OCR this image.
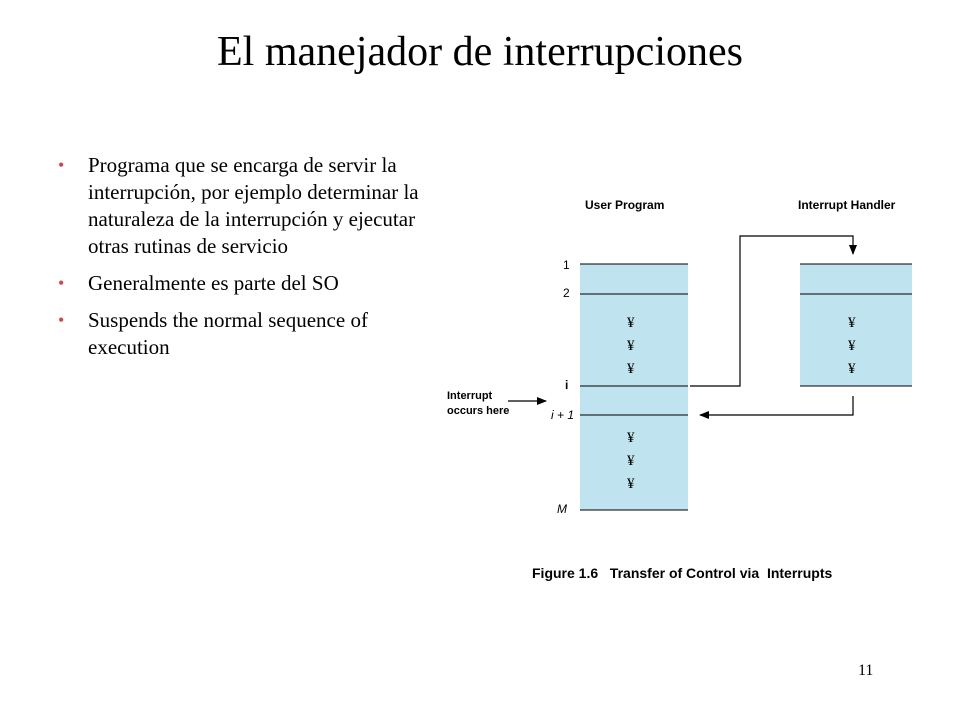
El manejador de interrupciones
• Programa que se encarga de servir la interrupción, por ejemplo determinar la naturaleza de la interrupción y ejecutar otras rutinas de servicio
• Generalmente es parte del SO
• Suspends the normal sequence of execution
User Program	Interrupt Handler
1
2
i
i + 1
M
¥
¥
¥
¥
¥
¥
¥
¥
¥
Interrupt
occurs here
Figure 1.6   Transfer of Control via  Interrupts
11
